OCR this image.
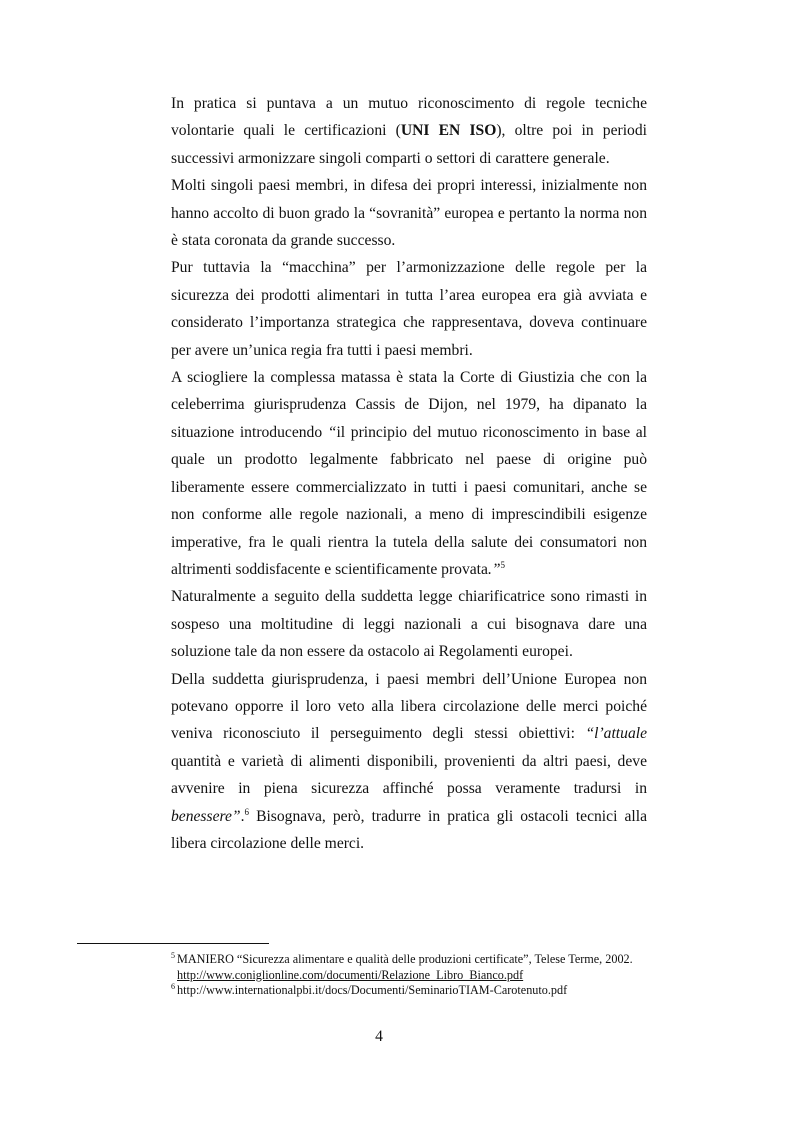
In pratica si puntava a un mutuo riconoscimento di regole tecniche volontarie quali le certificazioni (UNI EN ISO), oltre poi in periodi successivi armonizzare singoli comparti o settori di carattere generale.

Molti singoli paesi membri, in difesa dei propri interessi, inizialmente non hanno accolto di buon grado la “sovranità” europea e pertanto la norma non è stata coronata da grande successo.

Pur tuttavia la “macchina” per l’armonizzazione delle regole per la sicurezza dei prodotti alimentari in tutta l’area europea era già avviata e considerato l’importanza strategica che rappresentava, doveva continuare per avere un’unica regia fra tutti i paesi membri.

A sciogliere la complessa matassa è stata la Corte di Giustizia che con la celeberrima giurisprudenza Cassis de Dijon, nel 1979, ha dipanato la situazione introducendo “il principio del mutuo riconoscimento in base al quale un prodotto legalmente fabbricato nel paese di origine può liberamente essere commercializzato in tutti i paesi comunitari, anche se non conforme alle regole nazionali, a meno di imprescindibili esigenze imperative, fra le quali rientra la tutela della salute dei consumatori non altrimenti soddisfacente e scientificamente provata.”$^5$

Naturalmente a seguito della suddetta legge chiarificatrice sono rimasti in sospeso una moltitudine di leggi nazionali a cui bisognava dare una soluzione tale da non essere da ostacolo ai Regolamenti europei.

Della suddetta giurisprudenza, i paesi membri dell’Unione Europea non potevano opporre il loro veto alla libera circolazione delle merci poiché veniva riconosciuto il perseguimento degli stessi obiettivi: “l’attuale quantità e varietà di alimenti disponibili, provenienti da altri paesi, deve avvenire in piena sicurezza affinché possa veramente tradursi in benessere”.$^6$ Bisognava, però, tradurre in pratica gli ostacoli tecnici alla libera circolazione delle merci.

$^5$ MANIERO “Sicurezza alimentare e qualità delle produzioni certificate”, Telese Terme, 2002.

http://www.coniglionline.com/documenti/Relazione_Libro_Bianco.pdf

$^6$ http://www.internationalpbi.it/docs/Documenti/SeminarioTIAM-Carotenuto.pdf

4
